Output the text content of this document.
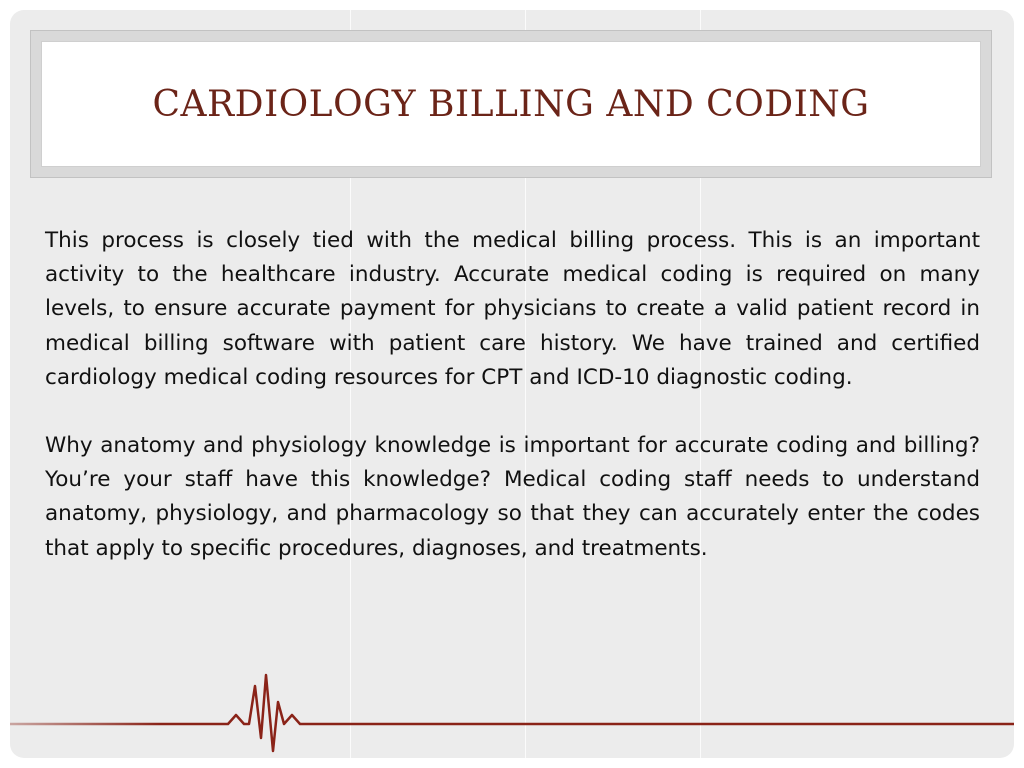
CARDIOLOGY BILLING AND CODING

This process is closely tied with the medical billing process. This is an important activity to the healthcare industry. Accurate medical coding is required on many levels, to ensure accurate payment for physicians to create a valid patient record in medical billing software with patient care history. We have trained and certified cardiology medical coding resources for CPT and ICD-10 diagnostic coding.

Why anatomy and physiology knowledge is important for accurate coding and billing? You’re your staff have this knowledge? Medical coding staff needs to understand anatomy, physiology, and pharmacology so that they can accurately enter the codes that apply to specific procedures, diagnoses, and treatments.
